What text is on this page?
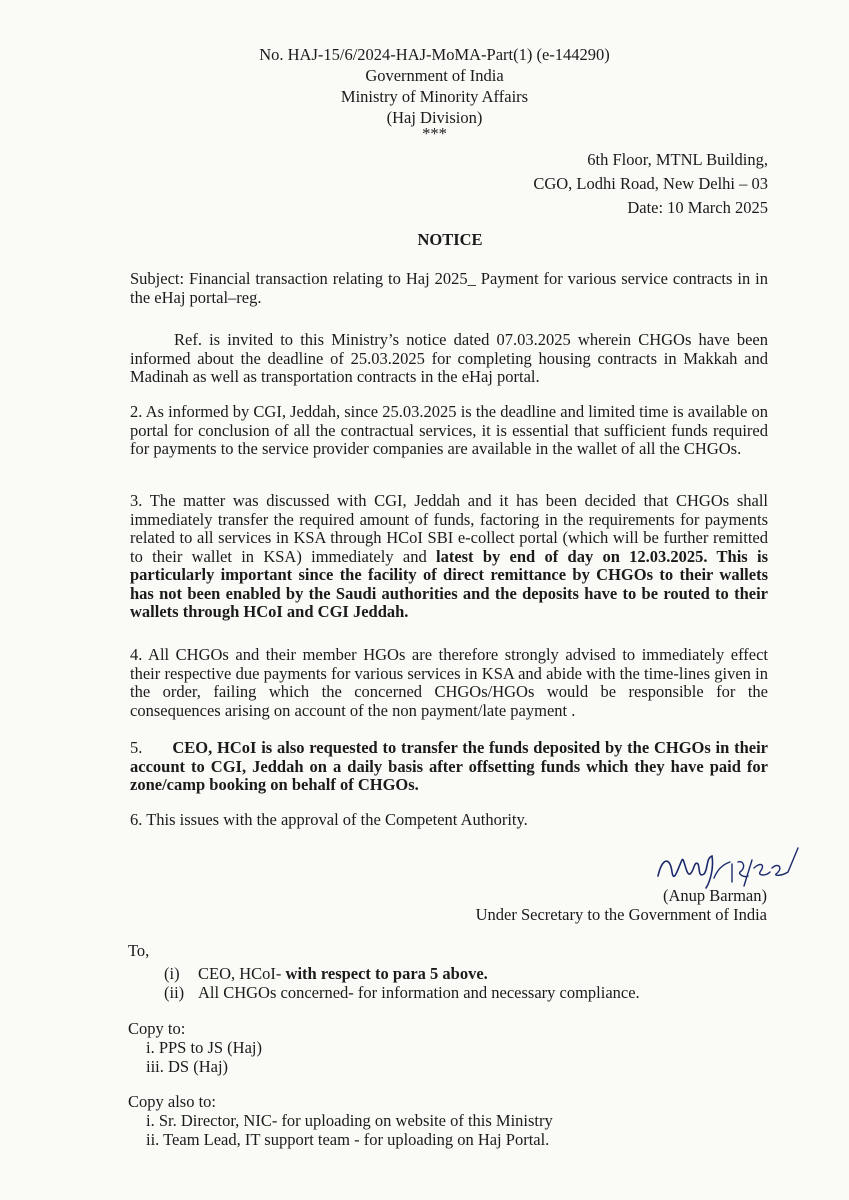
No. HAJ-15/6/2024-HAJ-MoMA-Part(1) (e-144290)
Government of India
Ministry of Minority Affairs
(Haj Division)
***
6th Floor, MTNL Building,
CGO, Lodhi Road, New Delhi – 03
Date: 10 March 2025
NOTICE
Subject: Financial transaction relating to Haj 2025_ Payment for various service contracts in in the eHaj portal–reg.
Ref. is invited to this Ministry’s notice dated 07.03.2025 wherein CHGOs have been informed about the deadline of 25.03.2025 for completing housing contracts in Makkah and Madinah as well as transportation contracts in the eHaj portal.
2. As informed by CGI, Jeddah, since 25.03.2025 is the deadline and limited time is available on portal for conclusion of all the contractual services, it is essential that sufficient funds required for payments to the service provider companies are available in the wallet of all the CHGOs.
3. The matter was discussed with CGI, Jeddah and it has been decided that CHGOs shall immediately transfer the required amount of funds, factoring in the requirements for payments related to all services in KSA through HCoI SBI e-collect portal (which will be further remitted to their wallet in KSA) immediately and latest by end of day on 12.03.2025. This is particularly important since the facility of direct remittance by CHGOs to their wallets has not been enabled by the Saudi authorities and the deposits have to be routed to their wallets through HCoI and CGI Jeddah.
4. All CHGOs and their member HGOs are therefore strongly advised to immediately effect their respective due payments for various services in KSA and abide with the time-lines given in the order, failing which the concerned CHGOs/HGOs would be responsible for the consequences arising on account of the non payment/late payment .
5. CEO, HCoI is also requested to transfer the funds deposited by the CHGOs in their account to CGI, Jeddah on a daily basis after offsetting funds which they have paid for zone/camp booking on behalf of CHGOs.
6. This issues with the approval of the Competent Authority.
(Anup Barman)
Under Secretary to the Government of India
To,
(i) CEO, HCoI- with respect to para 5 above.
(ii) All CHGOs concerned- for information and necessary compliance.
Copy to:
i. PPS to JS (Haj)
iii. DS (Haj)
Copy also to:
i. Sr. Director, NIC- for uploading on website of this Ministry
ii. Team Lead, IT support team - for uploading on Haj Portal.
